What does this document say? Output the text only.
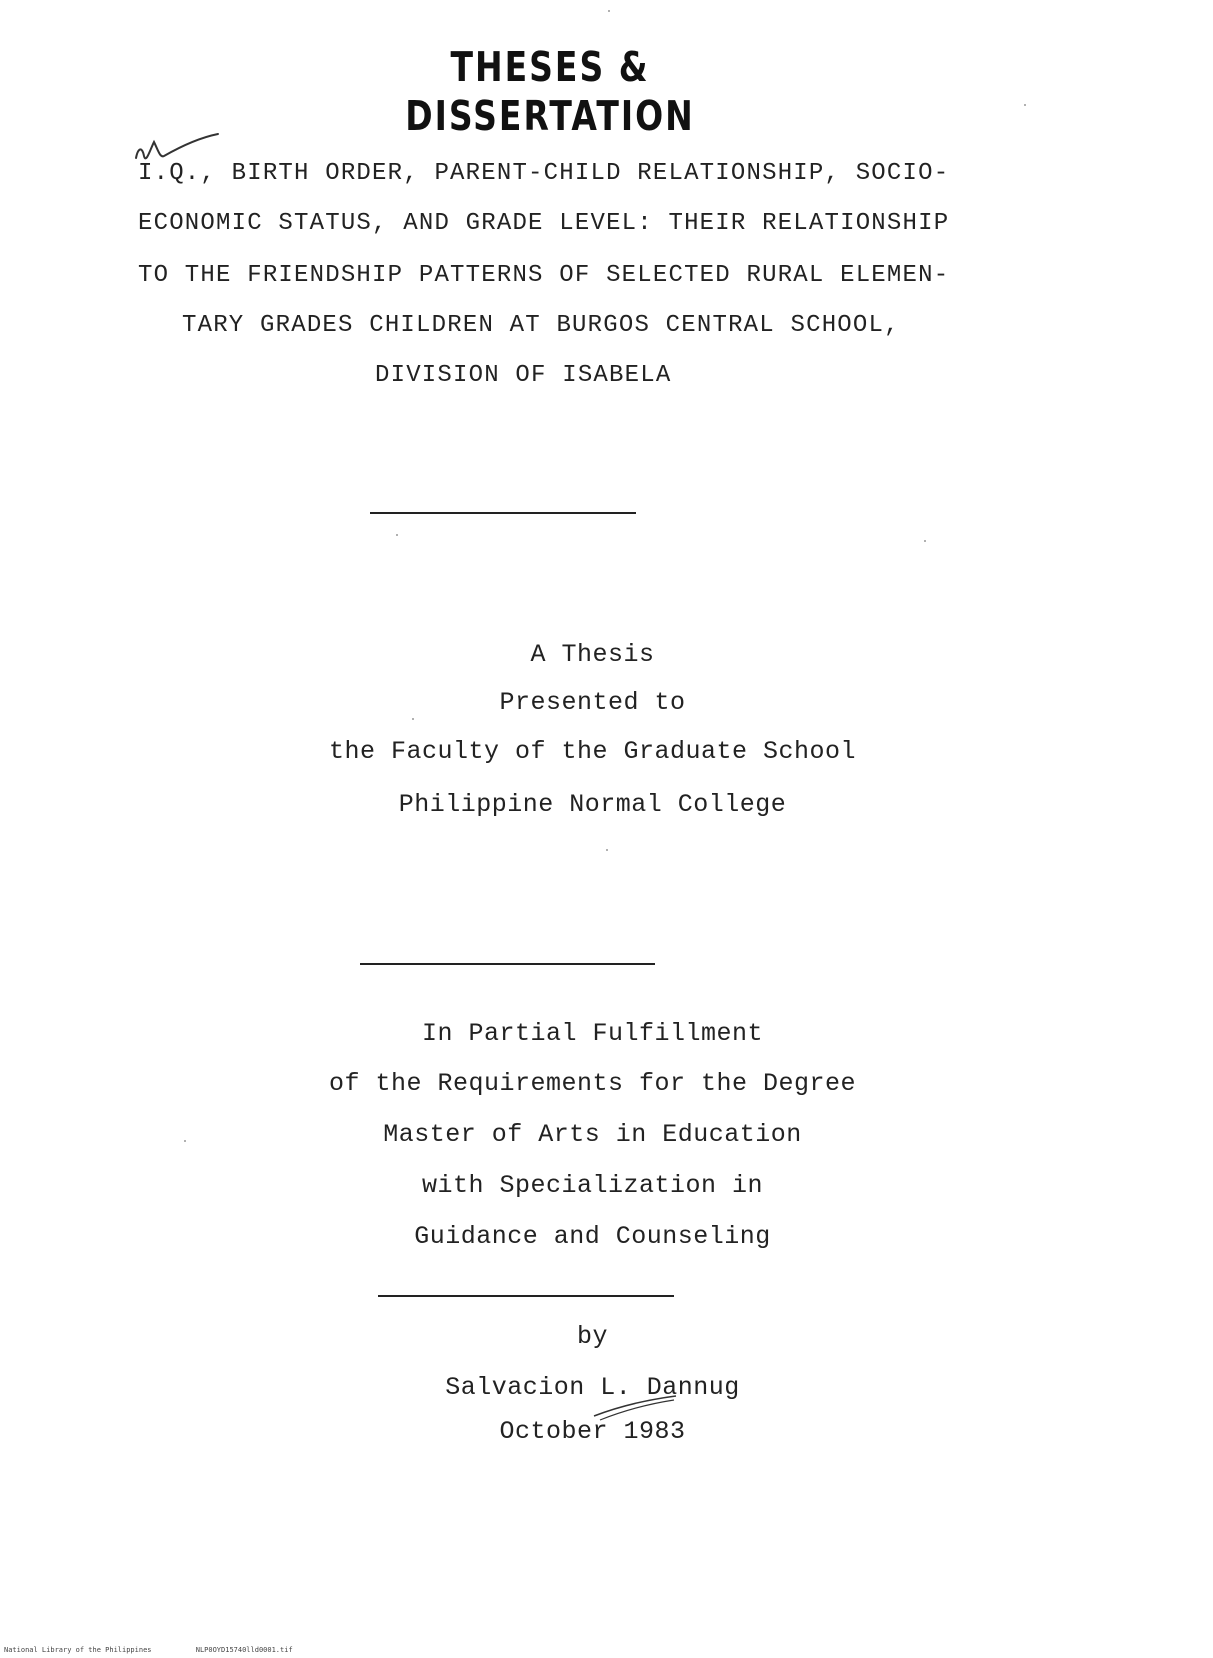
THESES & DISSERTATION
I.Q., BIRTH ORDER, PARENT-CHILD RELATIONSHIP, SOCIO-
ECONOMIC STATUS, AND GRADE LEVEL: THEIR RELATIONSHIP
TO THE FRIENDSHIP PATTERNS OF SELECTED RURAL ELEMEN-
TARY GRADES CHILDREN AT BURGOS CENTRAL SCHOOL,
DIVISION OF ISABELA
A Thesis
Presented to
the Faculty of the Graduate School
Philippine Normal College
In Partial Fulfillment
of the Requirements for the Degree
Master of Arts in Education
with Specialization in
Guidance and Counseling
by
Salvacion L. Dannug
October 1983
National Library of the Philippines	NLP0OYD15740lld0001.tif
